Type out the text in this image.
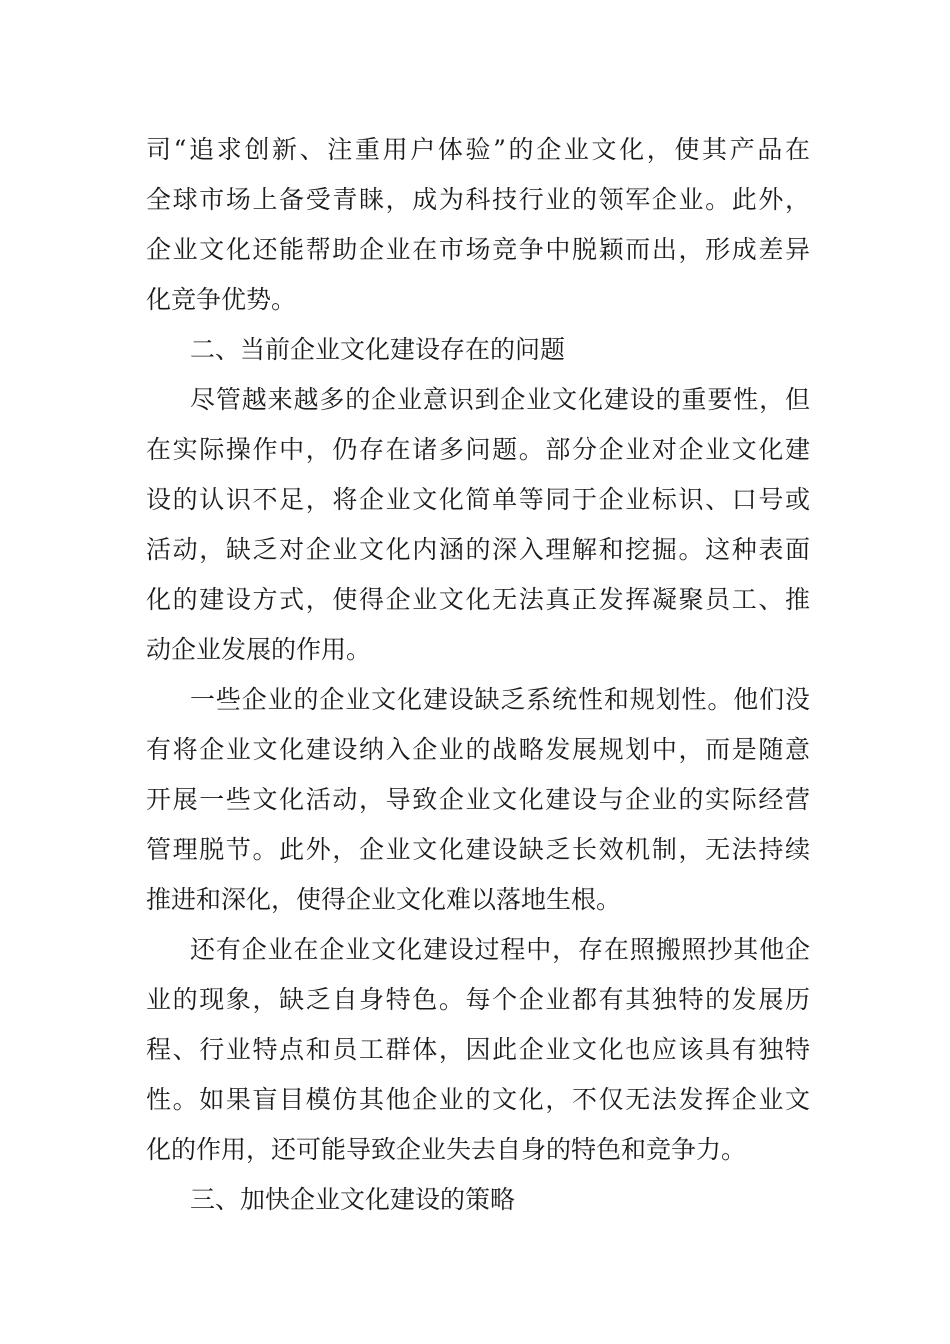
司“追求创新、注重用户体验”的企业文化，使其产品在
全球市场上备受青睐，成为科技行业的领军企业。此外，
企业文化还能帮助企业在市场竞争中脱颖而出，形成差异
化竞争优势。
二、当前企业文化建设存在的问题
尽管越来越多的企业意识到企业文化建设的重要性，但
在实际操作中，仍存在诸多问题。部分企业对企业文化建
设的认识不足，将企业文化简单等同于企业标识、口号或
活动，缺乏对企业文化内涵的深入理解和挖掘。这种表面
化的建设方式，使得企业文化无法真正发挥凝聚员工、推
动企业发展的作用。
一些企业的企业文化建设缺乏系统性和规划性。他们没
有将企业文化建设纳入企业的战略发展规划中，而是随意
开展一些文化活动，导致企业文化建设与企业的实际经营
管理脱节。此外，企业文化建设缺乏长效机制，无法持续
推进和深化，使得企业文化难以落地生根。
还有企业在企业文化建设过程中，存在照搬照抄其他企
业的现象，缺乏自身特色。每个企业都有其独特的发展历
程、行业特点和员工群体，因此企业文化也应该具有独特
性。如果盲目模仿其他企业的文化，不仅无法发挥企业文
化的作用，还可能导致企业失去自身的特色和竞争力。
三、加快企业文化建设的策略
